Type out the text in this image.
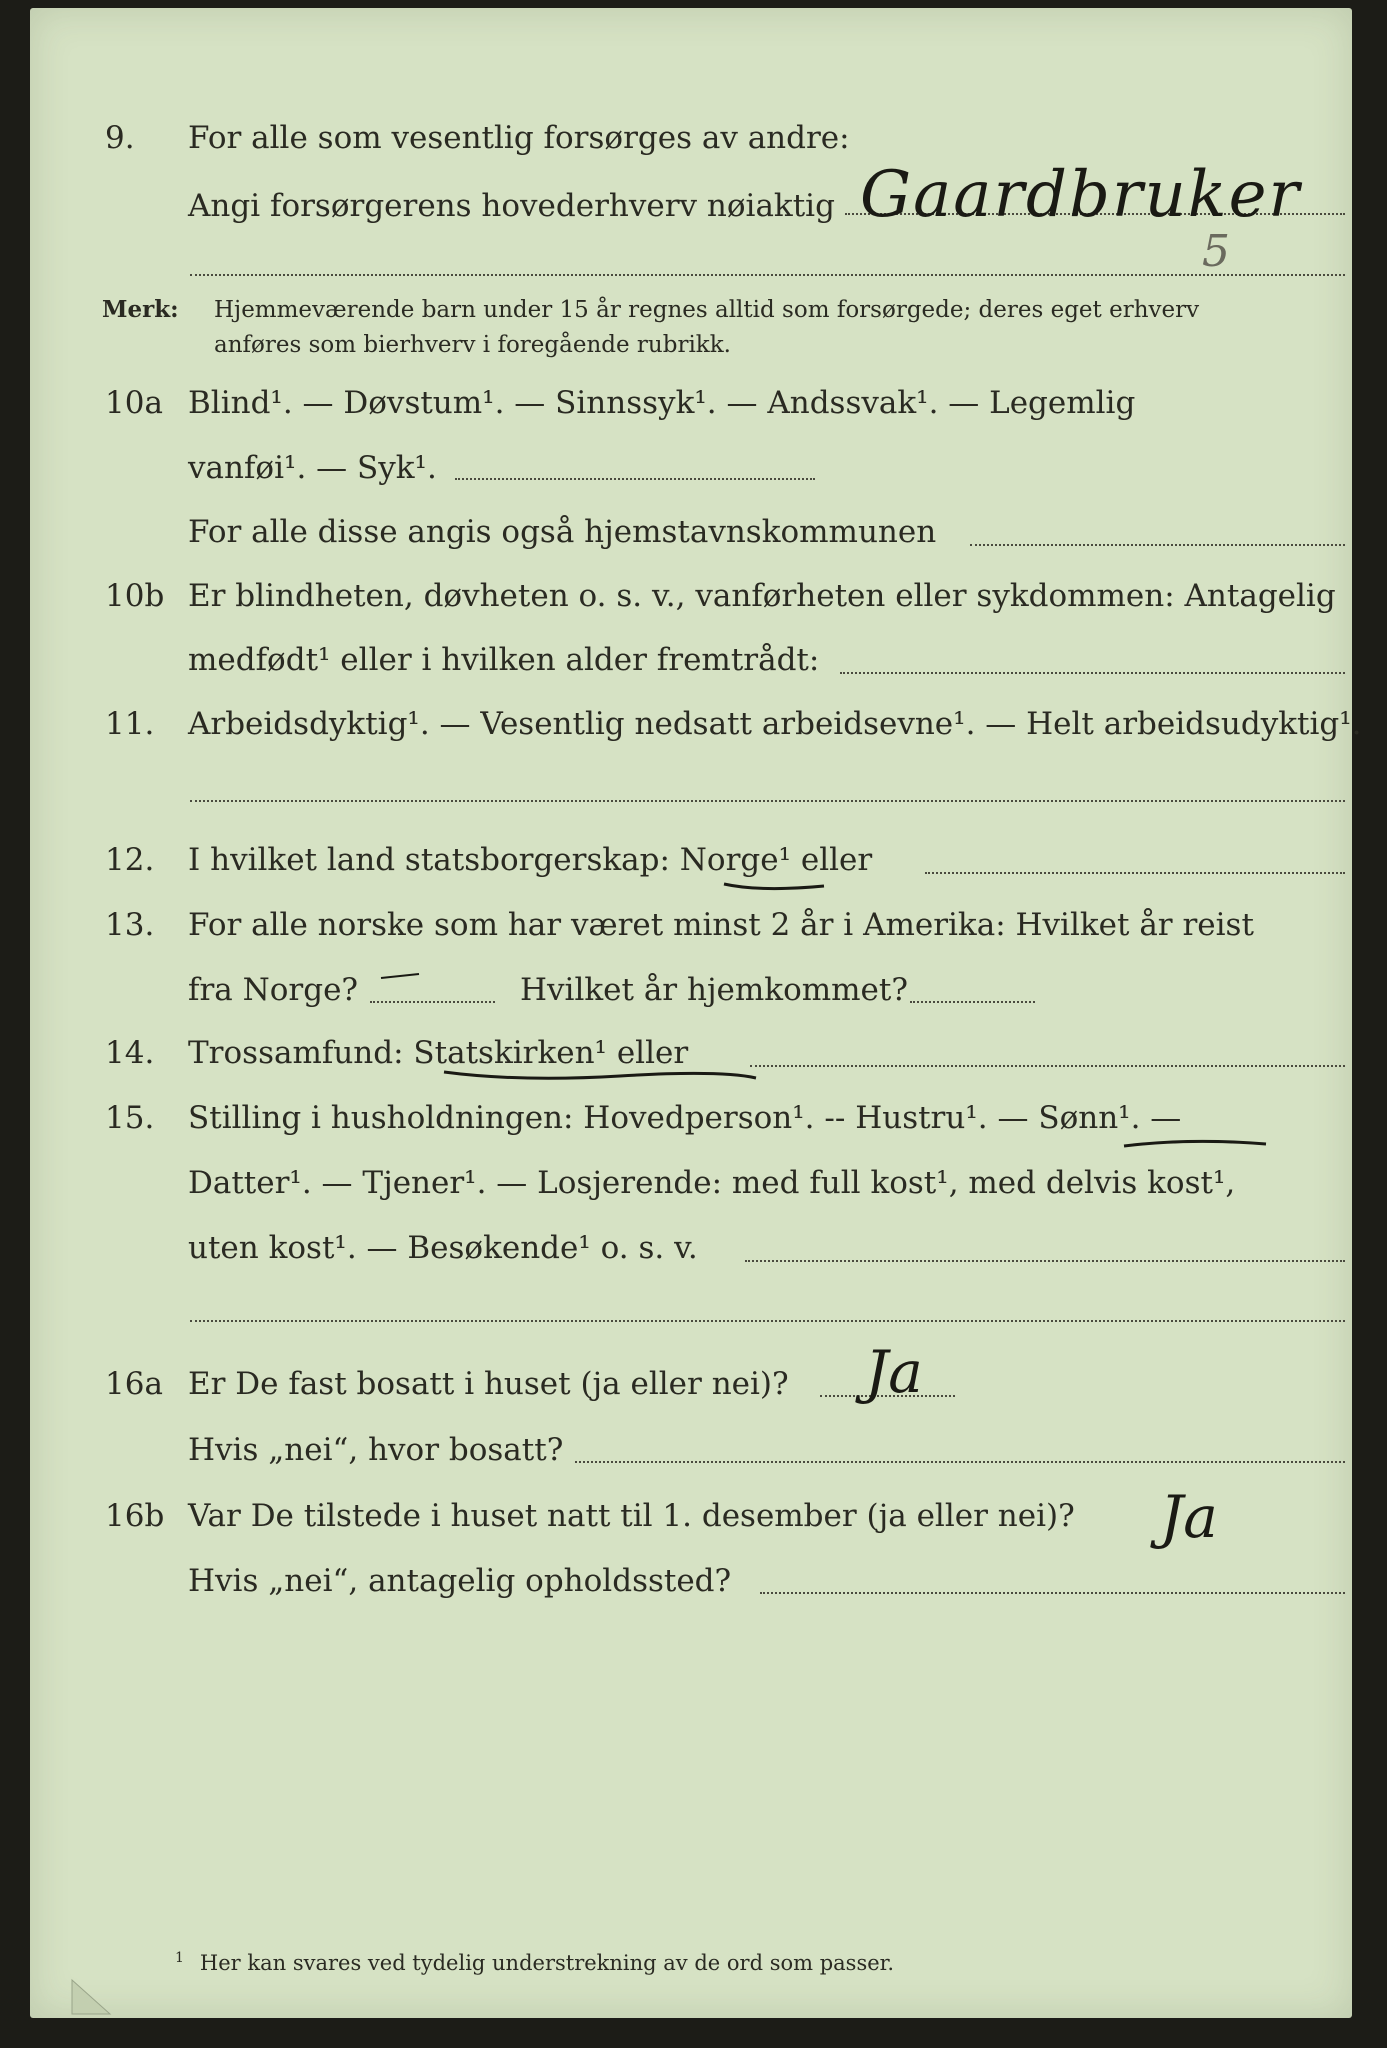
9. For alle som vesentlig forsørges av andre:
Angi forsørgerens hovederhverv nøiaktig Gaardbruker
5
Merk: Hjemmeværende barn under 15 år regnes alltid som forsørgede; deres eget erhverv
anføres som bierhverv i foregående rubrikk.
10a Blind¹. — Døvstum¹. — Sinnssyk¹. — Andssvak¹. — Legemlig
vanføi¹. — Syk¹.
For alle disse angis også hjemstavnskommunen
10b Er blindheten, døvheten o. s. v., vanførheten eller sykdommen: Antagelig
medfødt¹ eller i hvilken alder fremtrådt:
11. Arbeidsdyktig¹. — Vesentlig nedsatt arbeidsevne¹. — Helt arbeidsudyktig¹.
12. I hvilket land statsborgerskap: Norge¹ eller
13. For alle norske som har været minst 2 år i Amerika: Hvilket år reist
fra Norge?	Hvilket år hjemkommet?
14. Trossamfund: Statskirken¹ eller
15. Stilling i husholdningen: Hovedperson¹. -- Hustru¹. — Sønn¹. —
Datter¹. — Tjener¹. — Losjerende: med full kost¹, med delvis kost¹,
uten kost¹. — Besøkende¹ o. s. v.
16a Er De fast bosatt i huset (ja eller nei)? Ja
Hvis „nei“, hvor bosatt?
16b Var De tilstede i huset natt til 1. desember (ja eller nei)? Ja
Hvis „nei“, antagelig opholdssted?
$^1$ Her kan svares ved tydelig understrekning av de ord som passer.
